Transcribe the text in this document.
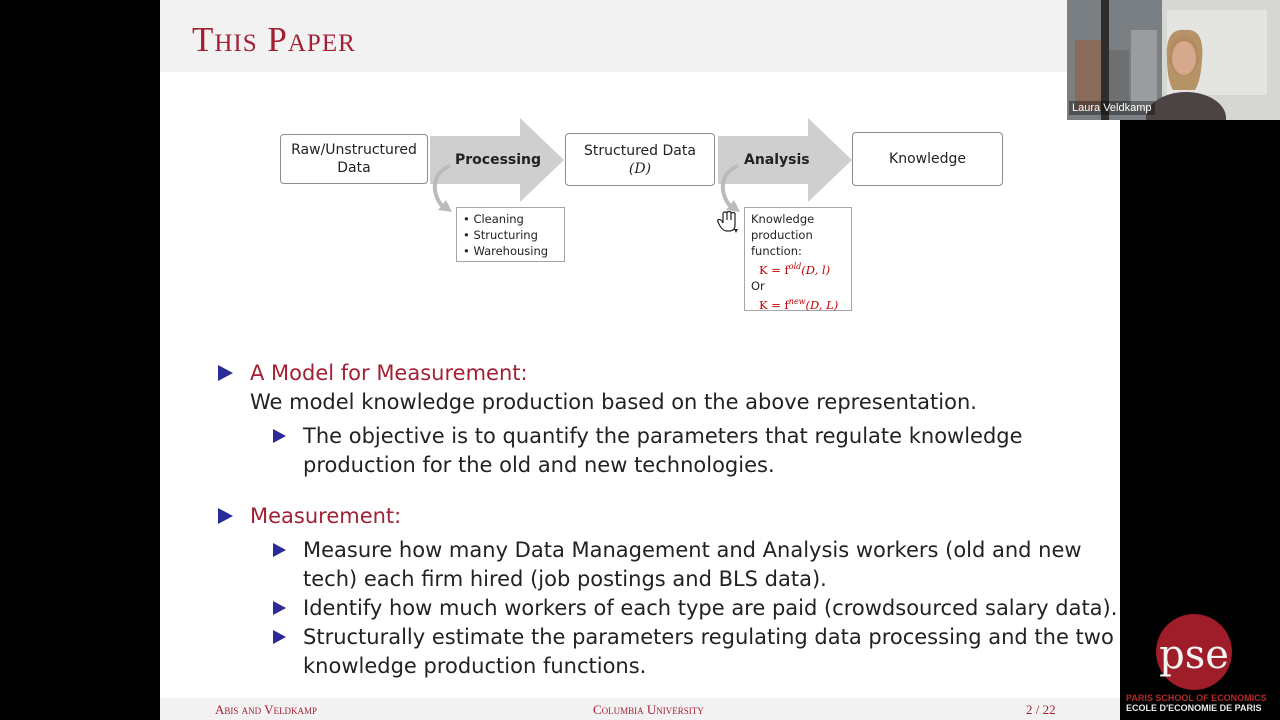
This Paper
Processing	Analysis
Raw/Unstructured
Data
Structured Data
(D)
Knowledge
• Cleaning
• Structuring
• Warehousing
Knowledge
production
function:
$K = f^{old}(D$, l)
Or
$K = f^{new}(D$, L)
A Model for Measurement:
We model knowledge production based on the above representation.
The objective is to quantify the parameters that regulate knowledge
production for the old and new technologies.
Measurement:
Measure how many Data Management and Analysis workers (old and new
tech) each firm hired (job postings and BLS data).
Identify how much workers of each type are paid (crowdsourced salary data).
Structurally estimate the parameters regulating data processing and the two
knowledge production functions.
Abis and Veldkamp	Columbia University	2 / 22
Laura Veldkamp
pse
PARIS SCHOOL OF ECONOMICS
ECOLE D'ECONOMIE DE PARIS
